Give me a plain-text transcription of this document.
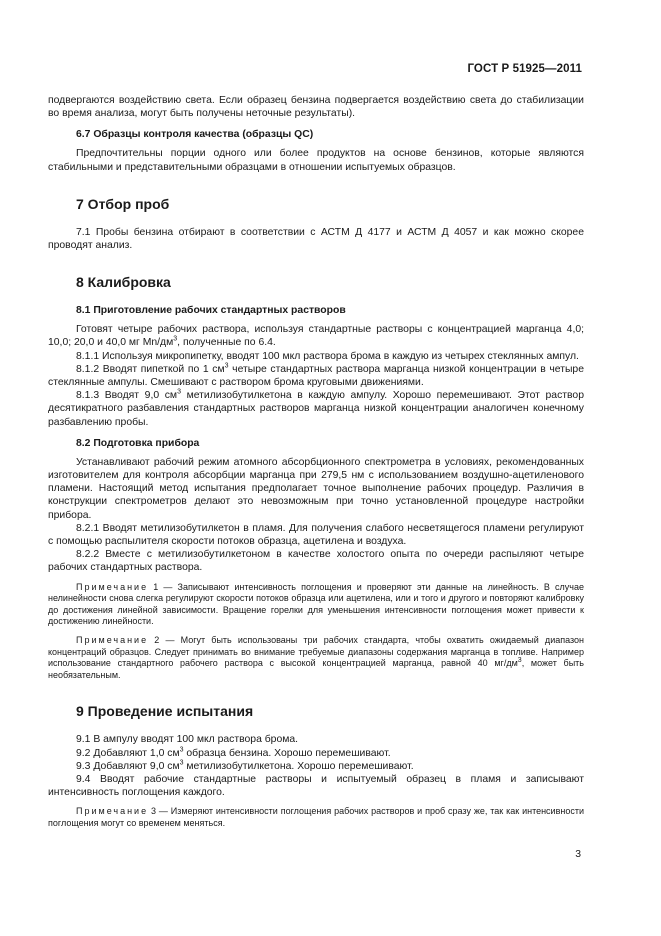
ГОСТ Р 51925—2011

подвергаются воздействию света. Если образец бензина подвергается воздействию света до стабилизации во время анализа, могут быть получены неточные результаты).

6.7 Образцы контроля качества (образцы QC)

Предпочтительны порции одного или более продуктов на основе бензинов, которые являются стабильными и представительными образцами в отношении испытуемых образцов.

7 Отбор проб

7.1 Пробы бензина отбирают в соответствии с АСТМ Д 4177 и АСТМ Д 4057 и как можно скорее проводят анализ.

8 Калибровка
8.1 Приготовление рабочих стандартных растворов

Готовят четыре рабочих раствора, используя стандартные растворы с концентрацией марганца 4,0; 10,0; 20,0 и 40,0 мг $Mn/дм^3$, полученные по 6.4.

8.1.1 Используя микропипетку, вводят 100 мкл раствора брома в каждую из четырех стеклянных ампул.

8.1.2 Вводят пипеткой по 1 $см^3$ четыре стандартных раствора марганца низкой концентрации в четыре стеклянные ампулы. Смешивают с раствором брома круговыми движениями.

8.1.3 Вводят 9,0 $см^3$ метилизобутилкетона в каждую ампулу. Хорошо перемешивают. Этот раствор десятикратного разбавления стандартных растворов марганца низкой концентрации аналогичен конечному разбавлению пробы.

8.2 Подготовка прибора

Устанавливают рабочий режим атомного абсорбционного спектрометра в условиях, рекомендованных изготовителем для контроля абсорбции марганца при 279,5 нм с использованием воздушно-ацетиленового пламени. Настоящий метод испытания предполагает точное выполнение рабочих процедур. Различия в конструкции спектрометров делают это невозможным при точно установленной процедуре настройки прибора.

8.2.1 Вводят метилизобутилкетон в пламя. Для получения слабого несветящегося пламени регулируют с помощью распылителя скорости потоков образца, ацетилена и воздуха.

8.2.2 Вместе с метилизобутилкетоном в качестве холостого опыта по очереди распыляют четыре рабочих стандартных раствора.

Примечание 1 — Записывают интенсивность поглощения и проверяют эти данные на линейность. В случае нелинейности снова слегка регулируют скорости потоков образца или ацетилена, или и того и другого и повторяют калибровку до достижения линейной зависимости. Вращение горелки для уменьшения интенсивности поглощения может привести к достижению линейности.

Примечание 2 — Могут быть использованы три рабочих стандарта, чтобы охватить ожидаемый диапазон концентраций образцов. Следует принимать во внимание требуемые диапазоны содержания марганца в топливе. Например использование стандартного рабочего раствора с высокой концентрацией марганца, равной 40 $мг/дм^3$, может быть необязательным.

9 Проведение испытания

9.1 В ампулу вводят 100 мкл раствора брома.

9.2 Добавляют 1,0 $см^3$ образца бензина. Хорошо перемешивают.

9.3 Добавляют 9,0 $см^3$ метилизобутилкетона. Хорошо перемешивают.

9.4 Вводят рабочие стандартные растворы и испытуемый образец в пламя и записывают интенсивность поглощения каждого.

Примечание 3 — Измеряют интенсивности поглощения рабочих растворов и проб сразу же, так как интенсивности поглощения могут со временем меняться.

3
